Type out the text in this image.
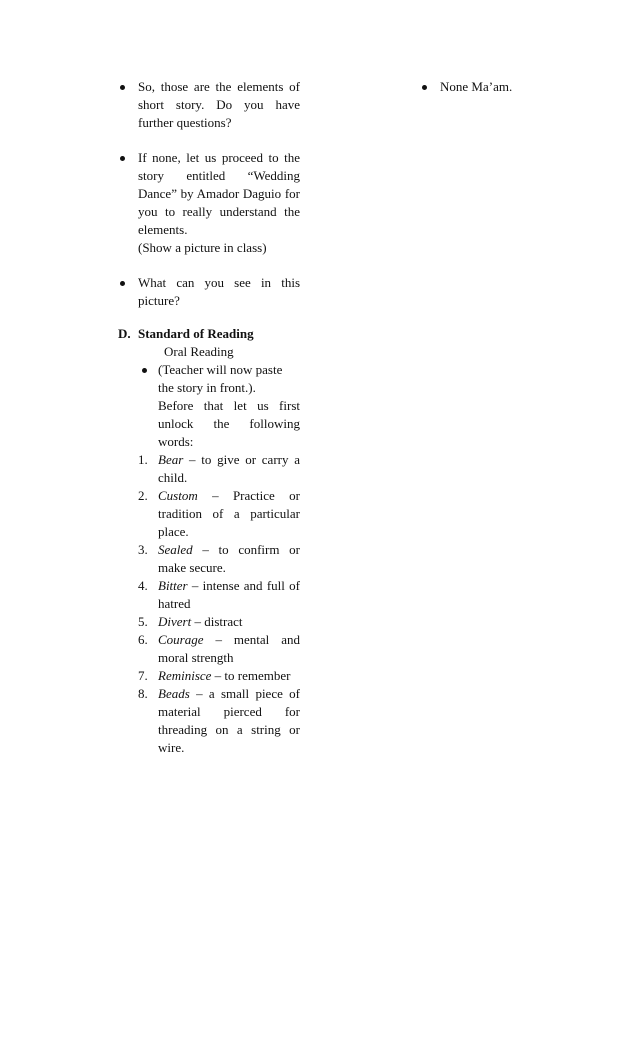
So, those are the elements of short story. Do you have further questions?

If none, let us proceed to the story entitled “Wedding Dance” by Amador Daguio for you to really understand the elements.

(Show a picture in class)

What can you see in this picture?
D. Standard of Reading
Oral Reading

(Teacher will now paste the story in front.).

Before that let us first unlock the following words:

1. Bear – to give or carry a child.
2. Custom – Practice or tradition of a particular place.
3. Sealed – to confirm or make secure.
4. Bitter – intense and full of hatred
5. Divert – distract
6. Courage – mental and moral strength
7. Reminisce – to remember
8. Beads – a small piece of material pierced for threading on a string or wire.
None Ma’am.
